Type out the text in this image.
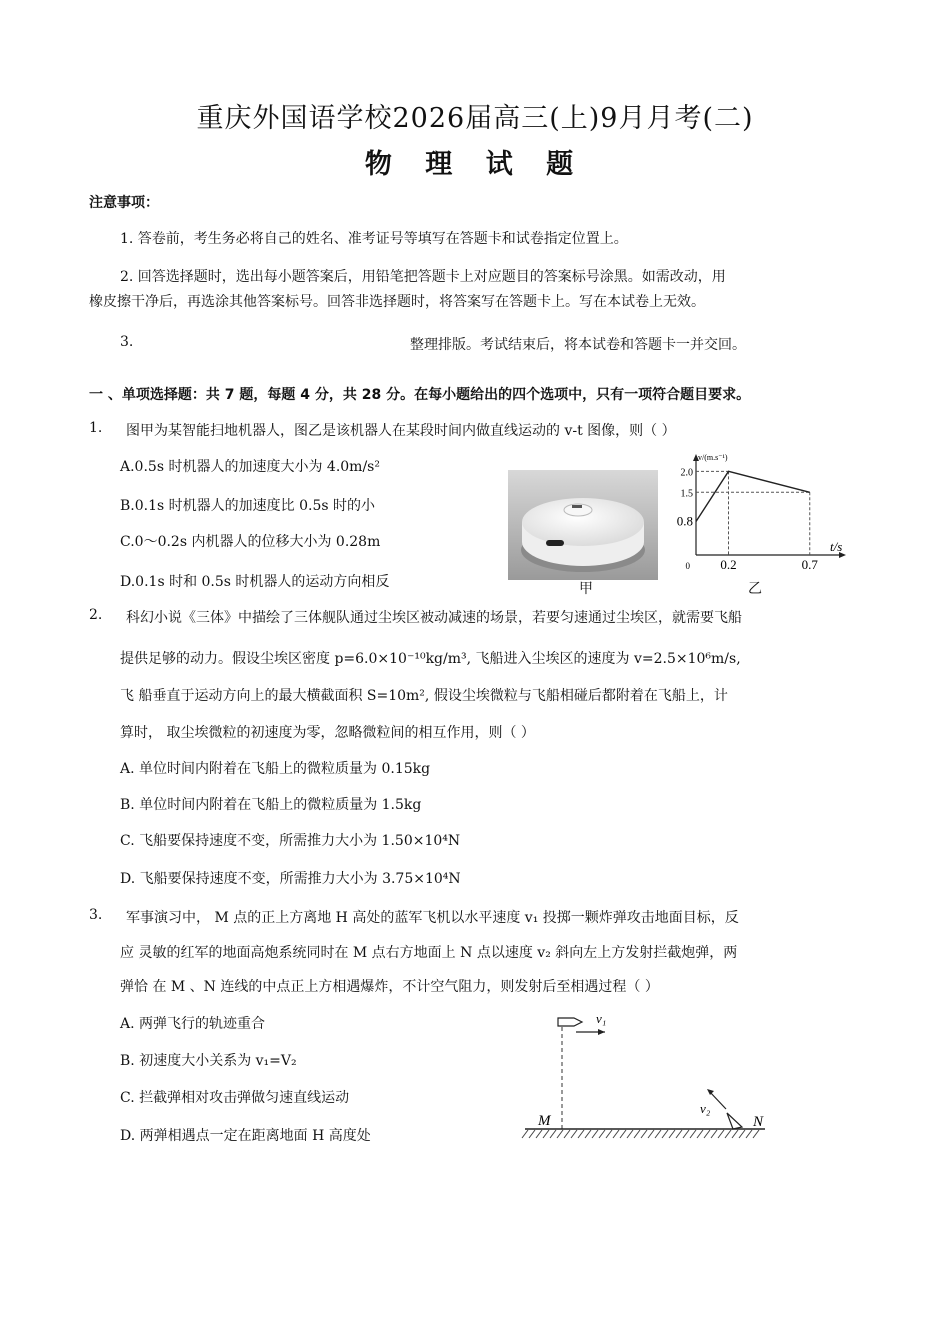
重庆外国语学校2026届高三(上)9月月考(二)
物 理 试 题
注意事项：
1. 答卷前，考生务必将自己的姓名、准考证号等填写在答题卡和试卷指定位置上。
2. 回答选择题时，选出每小题答案后，用铅笔把答题卡上对应题目的答案标号涂黑。如需改动，用
橡皮擦干净后，再选涂其他答案标号。回答非选择题时，将答案写在答题卡上。写在本试卷上无效。
3.	整理排版。考试结束后，将本试卷和答题卡一并交回。
一 、单项选择题：共 7 题，每题 4 分，共 28 分。在每小题给出的四个选项中，只有一项符合题目要求。
1. 图甲为某智能扫地机器人，图乙是该机器人在某段时间内做直线运动的 v-t 图像，则（ ）
A.0.5s 时机器人的加速度大小为 4.0m/s²
B.0.1s 时机器人的加速度比 0.5s 时的小
C.0～0.2s 内机器人的位移大小为 0.28m
D.0.1s 时和 0.5s 时机器人的运动方向相反	甲
v/(m.s⁻¹)
t/s
2.0
1.5
0.8
0 0.2	0.7
乙
2. 科幻小说《三体》中描绘了三体舰队通过尘埃区被动减速的场景，若要匀速通过尘埃区，就需要飞船
提供足够的动力。假设尘埃区密度 p=6.0×10⁻¹⁰kg/m³, 飞船进入尘埃区的速度为 v=2.5×10⁶m/s,
飞 船垂直于运动方向上的最大横截面积 S=10m², 假设尘埃微粒与飞船相碰后都附着在飞船上，计
算时， 取尘埃微粒的初速度为零，忽略微粒间的相互作用，则（ ）
A. 单位时间内附着在飞船上的微粒质量为 0.15kg
B. 单位时间内附着在飞船上的微粒质量为 1.5kg
C. 飞船要保持速度不变，所需推力大小为 1.50×10⁴N
D. 飞船要保持速度不变，所需推力大小为 3.75×10⁴N
3. 军事演习中， M 点的正上方离地 H 高处的蓝军飞机以水平速度 v₁ 投掷一颗炸弹攻击地面目标，反
应 灵敏的红军的地面高炮系统同时在 M 点右方地面上 N 点以速度 v₂ 斜向左上方发射拦截炮弹，两
弹恰 在 M 、N 连线的中点正上方相遇爆炸，不计空气阻力，则发射后至相遇过程（ ）
A. 两弹飞行的轨迹重合
B. 初速度大小关系为 v₁=V₂
C. 拦截弹相对攻击弹做匀速直线运动
D. 两弹相遇点一定在距离地面 H 高度处
v₁
M
v₂
N
